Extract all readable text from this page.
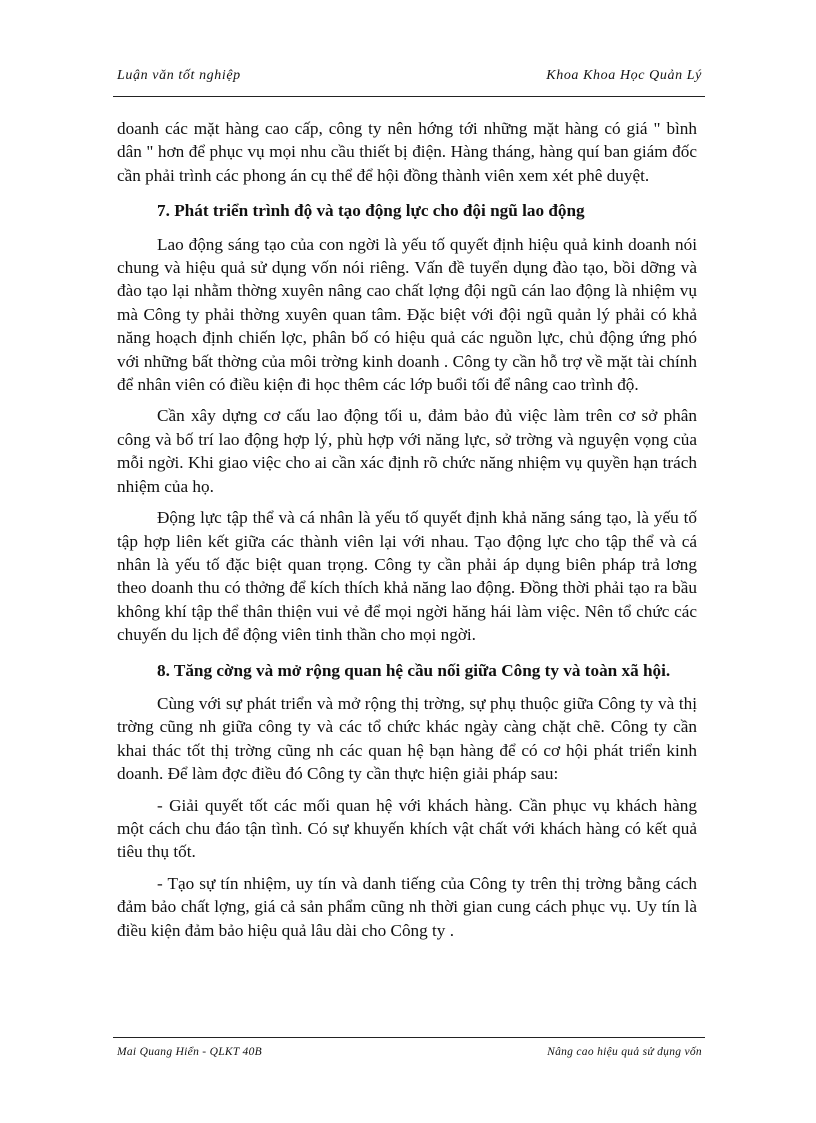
Luận văn tốt nghiệp	Khoa Khoa Học Quản Lý

doanh các mặt hàng cao cấp, công ty nên hớng tới những mặt hàng có giá " bình dân " hơn để phục vụ mọi nhu cầu thiết bị điện. Hàng tháng, hàng quí ban giám đốc cần phải trình các phong án cụ thể để hội đồng thành viên xem xét phê duyệt.

7. Phát triển trình độ và tạo động lực cho đội ngũ lao động

Lao động sáng tạo của con ngời là yếu tố quyết định hiệu quả kinh doanh nói chung và hiệu quả sử dụng vốn nói riêng. Vấn đề tuyển dụng đào tạo, bồi dỡng và đào tạo lại nhằm thờng xuyên nâng cao chất lợng đội ngũ cán lao động là nhiệm vụ mà Công ty phải thờng xuyên quan tâm. Đặc biệt với đội ngũ quản lý phải có khả năng hoạch định chiến lợc, phân bố có hiệu quả các nguồn lực, chủ động ứng phó với những bất thờng của môi trờng kinh doanh . Công ty cần hỗ trợ về mặt tài chính để nhân viên có điều kiện đi học thêm các lớp buổi tối để nâng cao trình độ.

Cần xây dựng cơ cấu lao động tối u, đảm bảo đủ việc làm trên cơ sở phân công và bố trí lao động hợp lý, phù hợp với năng lực, sở trờng và nguyện vọng của mỗi ngời. Khi giao việc cho ai cần xác định rõ chức năng nhiệm vụ quyền hạn trách nhiệm của họ.

Động lực tập thể và cá nhân là yếu tố quyết định khả năng sáng tạo, là yếu tố tập hợp liên kết giữa các thành viên lại với nhau. Tạo động lực cho tập thể và cá nhân là yếu tố đặc biệt quan trọng. Công ty cần phải áp dụng biên pháp trả lơng theo doanh thu có thởng để kích thích khả năng lao động. Đồng thời phải tạo ra bầu không khí tập thể thân thiện vui vẻ để mọi ngời hăng hái làm việc. Nên tổ chức các chuyến du lịch để động viên tinh thần cho mọi ngời.

8. Tăng cờng và mở rộng quan hệ cầu nối giữa Công ty và toàn xã hội.

Cùng với sự phát triển và mở rộng thị trờng, sự phụ thuộc giữa Công ty và thị trờng cũng nh giữa công ty và các tổ chức khác ngày càng chặt chẽ. Công ty cần khai thác tốt thị trờng cũng nh các quan hệ bạn hàng để có cơ hội phát triển kinh doanh. Để làm đợc điều đó Công ty cần thực hiện giải pháp sau:

- Giải quyết tốt các mối quan hệ với khách hàng. Cần phục vụ khách hàng một cách chu đáo tận tình. Có sự khuyến khích vật chất với khách hàng có kết quả tiêu thụ tốt.

- Tạo sự tín nhiệm, uy tín và danh tiếng của Công ty trên thị trờng bằng cách đảm bảo chất lợng, giá cả sản phẩm cũng nh thời gian cung cách phục vụ. Uy tín là điều kiện đảm bảo hiệu quả lâu dài cho Công ty .

Mai Quang Hiển - QLKT 40B	Nâng cao hiệu quả sử dụng vốn
